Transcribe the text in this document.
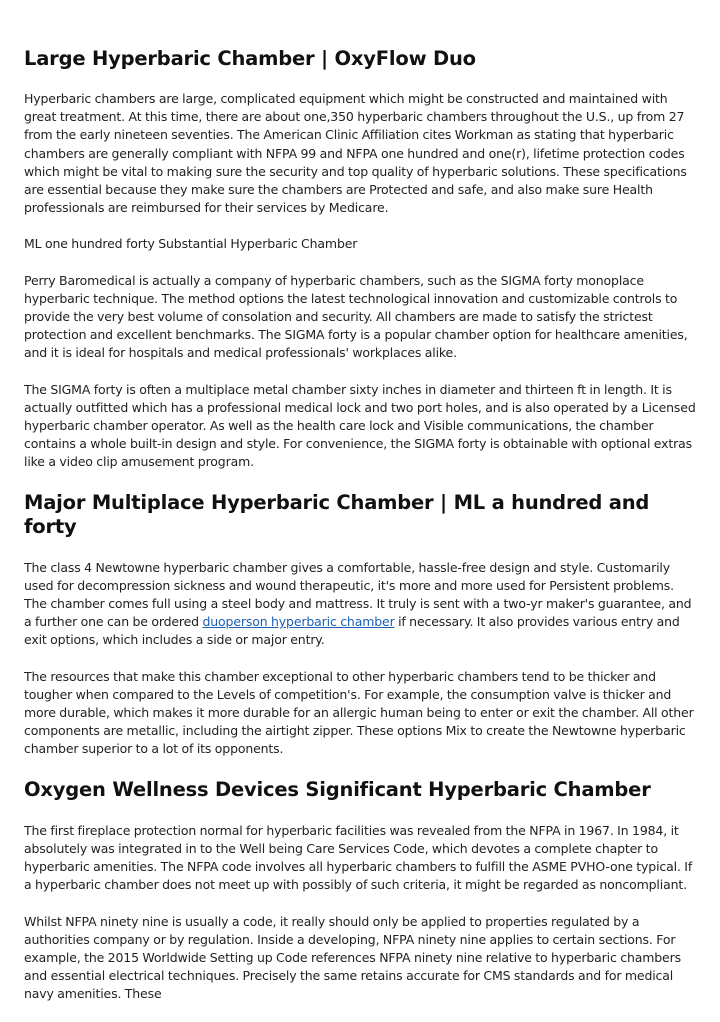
Large Hyperbaric Chamber | OxyFlow Duo

Hyperbaric chambers are large, complicated equipment which might be constructed and maintained with great treatment. At this time, there are about one,350 hyperbaric chambers throughout the U.S., up from 27 from the early nineteen seventies. The American Clinic Affiliation cites Workman as stating that hyperbaric chambers are generally compliant with NFPA 99 and NFPA one hundred and one(r), lifetime protection codes which might be vital to making sure the security and top quality of hyperbaric solutions. These specifications are essential because they make sure the chambers are Protected and safe, and also make sure Health professionals are reimbursed for their services by Medicare.

ML one hundred forty Substantial Hyperbaric Chamber

Perry Baromedical is actually a company of hyperbaric chambers, such as the SIGMA forty monoplace hyperbaric technique. The method options the latest technological innovation and customizable controls to provide the very best volume of consolation and security. All chambers are made to satisfy the strictest protection and excellent benchmarks. The SIGMA forty is a popular chamber option for healthcare amenities, and it is ideal for hospitals and medical professionals' workplaces alike.

The SIGMA forty is often a multiplace metal chamber sixty inches in diameter and thirteen ft in length. It is actually outfitted which has a professional medical lock and two port holes, and is also operated by a Licensed hyperbaric chamber operator. As well as the health care lock and Visible communications, the chamber contains a whole built-in design and style. For convenience, the SIGMA forty is obtainable with optional extras like a video clip amusement program.

Major Multiplace Hyperbaric Chamber | ML a hundred and forty

The class 4 Newtowne hyperbaric chamber gives a comfortable, hassle-free design and style. Customarily used for decompression sickness and wound therapeutic, it's more and more used for Persistent problems. The chamber comes full using a steel body and mattress. It truly is sent with a two-yr maker's guarantee, and a further one can be ordered duoperson hyperbaric chamber if necessary. It also provides various entry and exit options, which includes a side or major entry.

The resources that make this chamber exceptional to other hyperbaric chambers tend to be thicker and tougher when compared to the Levels of competition's. For example, the consumption valve is thicker and more durable, which makes it more durable for an allergic human being to enter or exit the chamber. All other components are metallic, including the airtight zipper. These options Mix to create the Newtowne hyperbaric chamber superior to a lot of its opponents.

Oxygen Wellness Devices Significant Hyperbaric Chamber

The first fireplace protection normal for hyperbaric facilities was revealed from the NFPA in 1967. In 1984, it absolutely was integrated in to the Well being Care Services Code, which devotes a complete chapter to hyperbaric amenities. The NFPA code involves all hyperbaric chambers to fulfill the ASME PVHO-one typical. If a hyperbaric chamber does not meet up with possibly of such criteria, it might be regarded as noncompliant.

Whilst NFPA ninety nine is usually a code, it really should only be applied to properties regulated by a authorities company or by regulation. Inside a developing, NFPA ninety nine applies to certain sections. For example, the 2015 Worldwide Setting up Code references NFPA ninety nine relative to hyperbaric chambers and essential electrical techniques. Precisely the same retains accurate for CMS standards and for medical navy amenities. These
